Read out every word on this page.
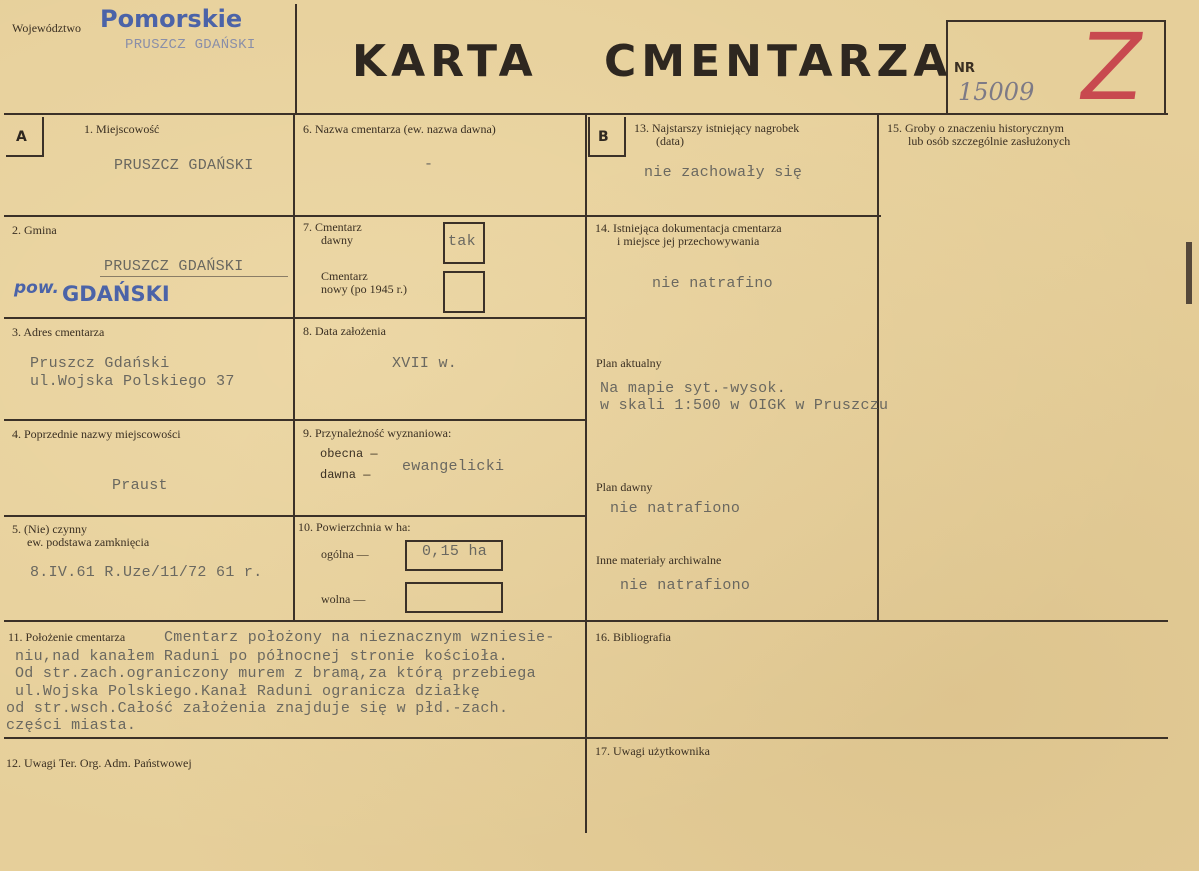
A	B
Województwo Pomorskie
PRUSZCZ GDAŃSKI KARTA CMENTARZA NR
15009 Z
1. Miejscowość
PRUSZCZ GDAŃSKI
2. Gmina
PRUSZCZ GDAŃSKI
pow. GDAŃSKI
3. Adres cmentarza
Pruszcz Gdański
ul.Wojska Polskiego 37
4. Poprzednie nazwy miejscowości
Praust
5. (Nie) czynny
ew. podstawa zamknięcia
8.IV.61 R.Uze/11/72 61 r.
6. Nazwa cmentarza (ew. nazwa dawna)
-
7. Cmentarz
dawny	tak
Cmentarz
nowy (po 1945 r.)
8. Data założenia
XVII w.
9. Przynależność wyznaniowa:
obecna —
dawna — ewangelicki
10. Powierzchnia w ha:
ogólna —	0,15 ha
wolna —
13. Najstarszy istniejący nagrobek
(data)
nie zachowały się
14. Istniejąca dokumentacja cmentarza
i miejsce jej przechowywania
nie natrafino
Plan aktualny
Na mapie syt.-wysok.
w skali 1:500 w OIGK w Pruszczu
Plan dawny
nie natrafiono
Inne materiały archiwalne
nie natrafiono
15. Groby o znaczeniu historycznym
lub osób szczególnie zasłużonych
11. Położenie cmentarza	Cmentarz położony na nieznacznym wzniesie-
niu,nad kanałem Raduni po północnej stronie kościoła.
Od str.zach.ograniczony murem z bramą,za którą przebiega
ul.Wojska Polskiego.Kanał Raduni ogranicza działkę
od str.wsch.Całość założenia znajduje się w płd.-zach.
części miasta.
16. Bibliografia
12. Uwagi Ter. Org. Adm. Państwowej
17. Uwagi użytkownika
